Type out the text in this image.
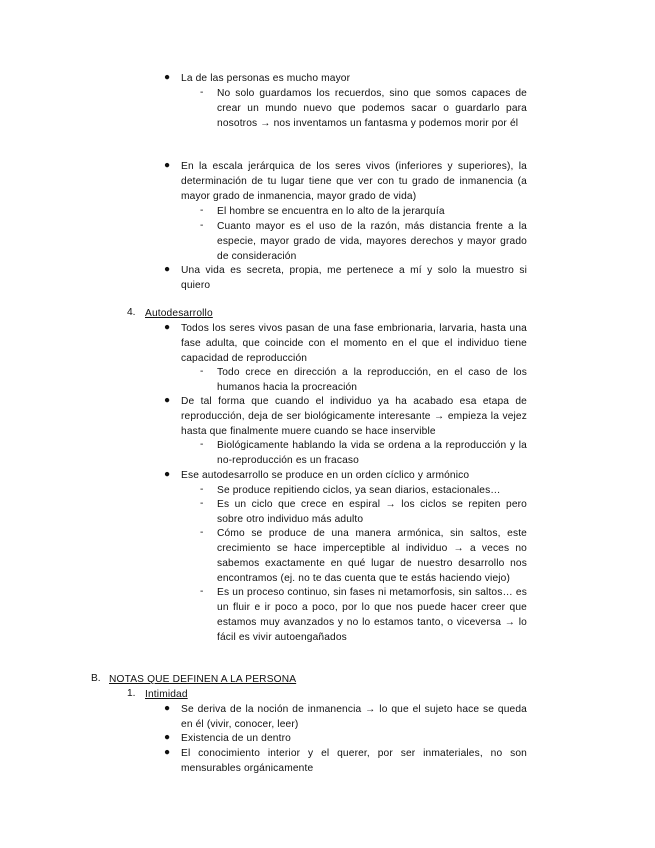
● La de las personas es mucho mayor
- No solo guardamos los recuerdos, sino que somos capaces de crear un mundo nuevo que podemos sacar o guardarlo para nosotros → nos inventamos un fantasma y podemos morir por él
● En la escala jerárquica de los seres vivos (inferiores y superiores), la determinación de tu lugar tiene que ver con tu grado de inmanencia (a mayor grado de inmanencia, mayor grado de vida)
- El hombre se encuentra en lo alto de la jerarquía
- Cuanto mayor es el uso de la razón, más distancia frente a la especie, mayor grado de vida, mayores derechos y mayor grado de consideración
● Una vida es secreta, propia, me pertenece a mí y solo la muestro si quiero
4. Autodesarrollo
● Todos los seres vivos pasan de una fase embrionaria, larvaria, hasta una fase adulta, que coincide con el momento en el que el individuo tiene capacidad de reproducción
- Todo crece en dirección a la reproducción, en el caso de los humanos hacia la procreación
● De tal forma que cuando el individuo ya ha acabado esa etapa de reproducción, deja de ser biológicamente interesante → empieza la vejez hasta que finalmente muere cuando se hace inservible
- Biológicamente hablando la vida se ordena a la reproducción y la no-reproducción es un fracaso
● Ese autodesarrollo se produce en un orden cíclico y armónico
- Se produce repitiendo ciclos, ya sean diarios, estacionales…
- Es un ciclo que crece en espiral → los ciclos se repiten pero sobre otro individuo más adulto
- Cómo se produce de una manera armónica, sin saltos, este crecimiento se hace imperceptible al individuo → a veces no sabemos exactamente en qué lugar de nuestro desarrollo nos encontramos (ej. no te das cuenta que te estás haciendo viejo)
- Es un proceso continuo, sin fases ni metamorfosis, sin saltos… es un fluir e ir poco a poco, por lo que nos puede hacer creer que estamos muy avanzados y no lo estamos tanto, o viceversa → lo fácil es vivir autoengañados
B. NOTAS QUE DEFINEN A LA PERSONA
1. Intimidad
● Se deriva de la noción de inmanencia → lo que el sujeto hace se queda en él (vivir, conocer, leer)
● Existencia de un dentro
● El conocimiento interior y el querer, por ser inmateriales, no son mensurables orgánicamente
